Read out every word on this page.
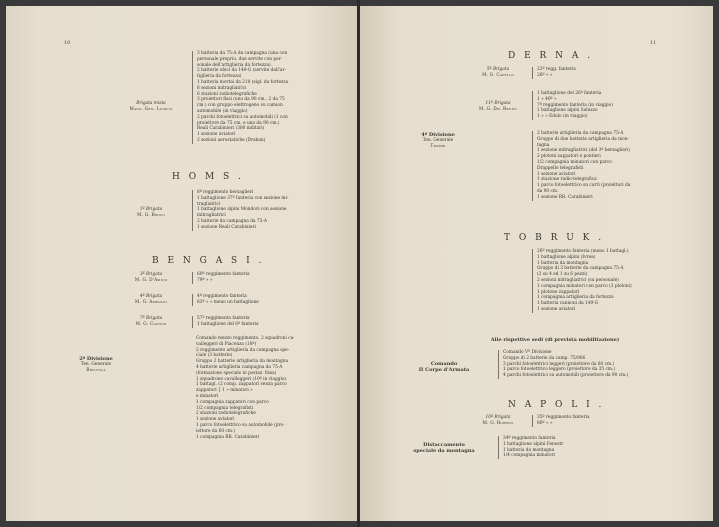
10
Brigata mista
Magg. Gen. Lugeco
3 batteria da 75-A da campagna (una con
personale proprio, due servite con per-
sonale dell'artiglieria da fortezza)
2 batterie obici da 149-G (servite dall'ar-
tiglieria da fortezza)
1 batteria mortai da 210 (sigl. da fortezza
6 sezioni mitragliatrici
6 stazioni radiotelegrafiche
3 proiettori fissi (uno da 90 cm., 2 da 75
cm.) con gruppo elettrogeno su camion
automobile (in viaggio)
2 parchi fotoelettrici su automobili (1 con
proiettore da 75 cm. e uno da 90 cm.)
Reali Carabinieri (300 militari)
1 sezione aviatori
2 sezioni aerostatiche (Drakan)
H O M S .
1ª Brigata
M. G. Brioli
8º reggimento bersaglieri
1 battaglione 37º fanteria con sezione mi-
tragliatrici
1 battaglione alpini Mondovì con sezione
mitragliatrici
2 batterie da campagna da 75-A
1 sezione Reali Carabinieri
B E N G A S I .
3ª Brigata
M. G. D'Amico
60º reggimento fanteria
79º » »
4ª Brigata
M. G. Ameglio
4º reggimento fanteria
63º » » meno un battaglione
7ª Brigata
M. G. Ciancio
57º reggimento fanteria
1 battaglione del 6º fanteria
2ª Divisione
Ten. Generale
Briccola
Comando mezzo reggimento, 2 squadroni ca-
valleggeri di Piacenza (18º)
2 reggimento artiglieria da campagna spe-
ciale (3 batterie)
Gruppo 2 batterie artiglieria da montagna
4 batterie artiglieria campagna da 75-A
(formazione speciale in postaz. fissa)
1 squadrone cavalleggeri (10º in viaggio)
1 battagl. (2 comp. zappatori senza parco
zappatori { 1 » minatori »
e minatori
1 compagnia zappatori con parco
1/2 compagnia telegrafisti
2 stazioni radiotelegrafiche
1 sezione aviatori
1 parco fotoelettrico su automobile (pro-
iettore da 60 cm.)
1 compagnia RR. Carabinieri
11
D E R N A .
5ª Brigata
M. G. Capello
22º regg. fanteria
26º » »
11ª Brigata
M. G. Del Bruno
1 battaglione del 26º fanteria
1 » 40º »
7º reggimento fanteria (in viaggio)
1 battaglione alpini Saluzzo
1 » » Edolo (in viaggio)
4ª Divisione
Ten. Generale
Trombi
2 batterie artiglieria da campagna 75-A
Gruppo di due batterie artiglieria da mon-
tagna
1 sezione mitragliatrici (del 3º bersaglieri)
2 plotoni zappatori e pontieri
1/2 compagnia minatori con parco
Drappello telegrafisti
1 sezione aviatori
1 stazione radio-telegrafica
1 parco fotoelettrico su carri (proiettori da
da 90 cm.
1 sezione RR. Carabinieri
T O B R U K .
26º reggimento fanteria (meno 1 battagl.)
1 battaglione alpini (Ivrea)
1 batteria da montagna
Gruppo di 3 batterie da campagna 75-A
(2 su 4 ed 1 su 6 pezzi)
2 sezioni mitragliatrici (su personale)
1 compagnia minatori con parco (3 plotoni)
1 plotone zappatori
1 compagnia artiglieria da fortezza
1 batteria cannoni da 149-G
1 sezione aviatori
Alle rispettive sedi (di prevista mobilitazione)
Comando
II Corpo d'Armata
Comando Vª Divisione
Gruppo di 2 batterie da camp. 75/906
3 parchi fotoelettrici leggeri (proiettore da 60 cm.)
1 parco fotoelettrico leggero (proiettore da 35 cm.)
4 parchi fotoelettrici su automobili (proiettore da 90 cm.)
N A P O L I .
10ª Brigata
M. G. Rubrini
35º reggimento fanteria
80º » »
Distaccamento
speciale da montagna
34º reggimento fanteria
1 battaglione alpini Fenestr
1 batteria da montagna
1/4 compagnia minatori
